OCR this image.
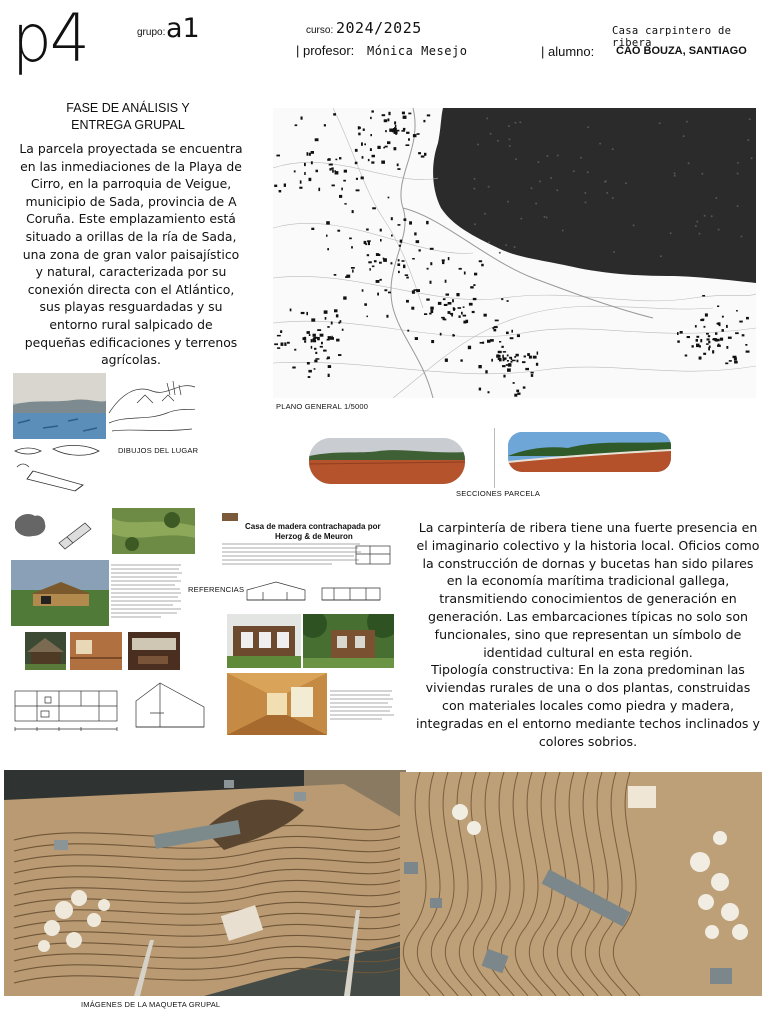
p4	grupo: a1	curso: 2024/2025
| profesor: Mónica Mesejo
Casa carpintero de ribera
| alumno: CAO BOUZA, SANTIAGO
FASE DE ANÁLISIS Y
ENTREGA GRUPAL
La parcela proyectada se encuentra en las inmediaciones de la Playa de Cirro, en la parroquia de Veigue, municipio de Sada, provincia de A Coruña. Este emplazamiento está situado a orillas de la ría de Sada, una zona de gran valor paisajístico y natural, caracterizada por su conexión directa con el Atlántico, sus playas resguardadas y su entorno rural salpicado de pequeñas edificaciones y terrenos agrícolas.
PLANO GENERAL 1/5000
DIBUJOS DEL LUGAR
SECCIONES PARCELA
Casa de madera contrachapada por
Herzog & de Meuron
REFERENCIAS
La carpintería de ribera tiene una fuerte presencia en el imaginario colectivo y la historia local. Oficios como la construcción de dornas y bucetas han sido pilares en la economía marítima tradicional gallega, transmitiendo conocimientos de generación en generación. Las embarcaciones típicas no solo son funcionales, sino que representan un símbolo de identidad cultural en esta región.
Tipología constructiva: En la zona predominan las viviendas rurales de una o dos plantas, construidas con materiales locales como piedra y madera, integradas en el entorno mediante techos inclinados y colores sobrios.
IMÁGENES DE LA MAQUETA GRUPAL
